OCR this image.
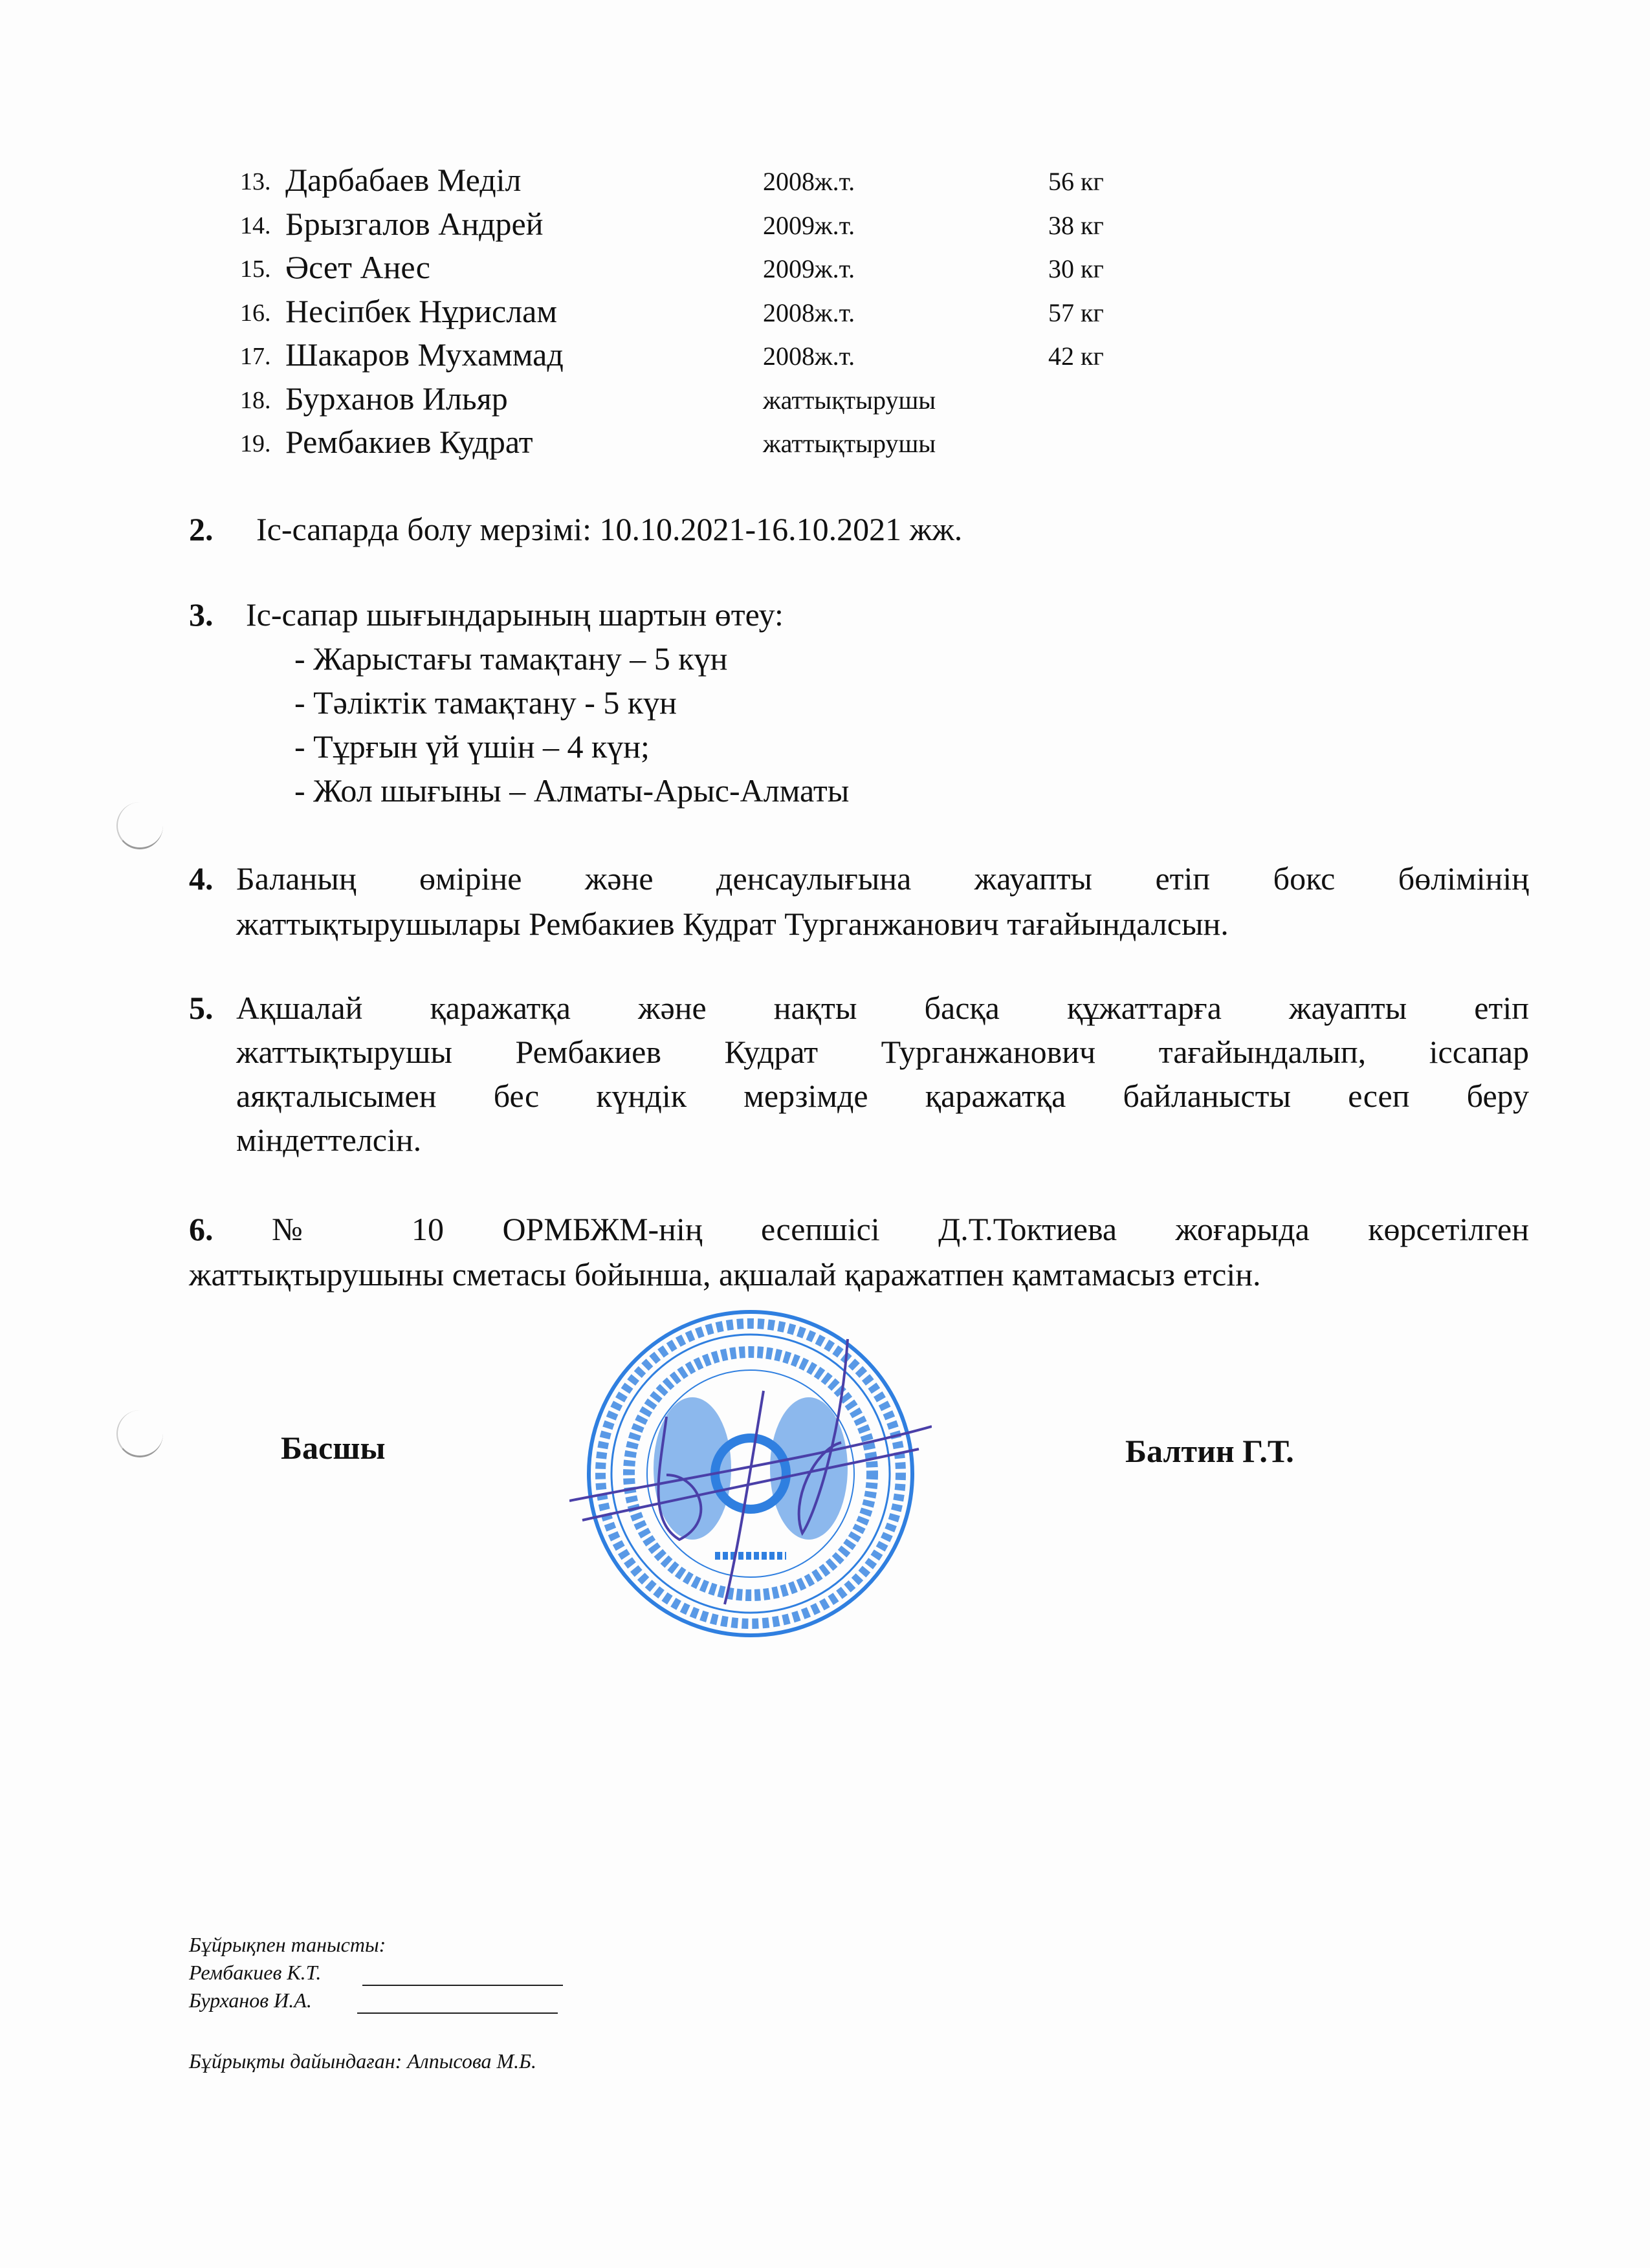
13. Дарбабаев Меділ	2008ж.т.	56 кг
14. Брызгалов Андрей	2009ж.т.	38 кг
15. Әсет Анес	2009ж.т.	30 кг
16. Несіпбек Нұрислам	2008ж.т.	57 кг
17. Шакаров Мухаммад	2008ж.т.	42 кг
18. Бурханов Ильяр	жаттықтырушы
19. Рембакиев Кудрат	жаттықтырушы
2. Іс-сапарда болу мерзімі: 10.10.2021-16.10.2021 жж.
3. Іс-сапар шығындарының шартын өтеу:
- Жарыстағы тамақтану – 5 күн
- Тәліктік тамақтану - 5 күн
- Тұрғын үй үшін – 4 күн;
- Жол шығыны – Алматы-Арыс-Алматы
4. Баланың өміріне және денсаулығына жауапты етіп бокс бөлімінің
жаттықтырушылары Рембакиев Кудрат Турганжанович тағайындалсын.
5. Ақшалай қаражатқа және нақты басқа құжаттарға жауапты етіп
жаттықтырушы Рембакиев Кудрат Турганжанович тағайындалып, іссапар
аяқталысымен бес күндік мерзімде қаражатқа байланысты есеп беру
міндеттелсін.
6. № 10 ОРМБЖМ-нің есепшісі Д.Т.Токтиева жоғарыда көрсетілген
жаттықтырушыны сметасы бойынша, ақшалай қаражатпен қамтамасыз етсін.
Басшы	Балтин Г.Т.
Бұйрықпен танысты:
Рембакиев К.Т.
Бурханов И.А.
Бұйрықты дайындаған: Алпысова М.Б.
